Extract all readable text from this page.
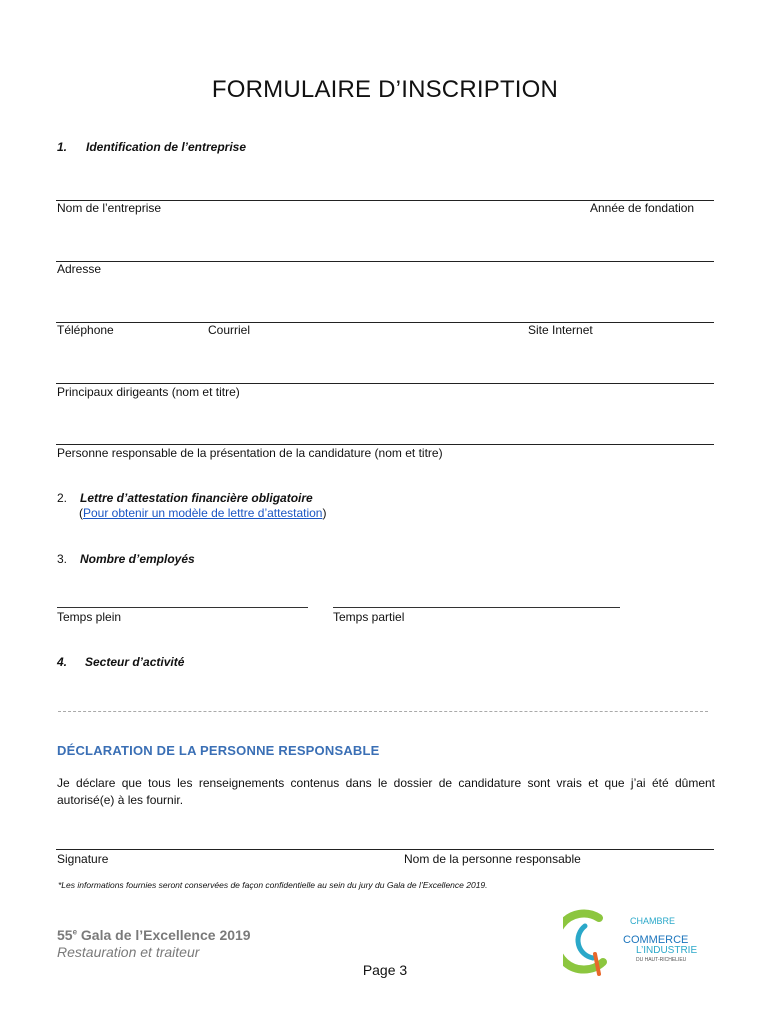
FORMULAIRE D’INSCRIPTION
1. Identification de l’entreprise
Nom de l’entreprise	Année de fondation
Adresse
Téléphone	Courriel	Site Internet
Principaux dirigeants (nom et titre)
Personne responsable de la présentation de la candidature (nom et titre)
2. Lettre d’attestation financière obligatoire
(Pour obtenir un modèle de lettre d’attestation)
3. Nombre d’employés
Temps plein	Temps partiel
4. Secteur d’activité
DÉCLARATION DE LA PERSONNE RESPONSABLE
Je déclare que tous les renseignements contenus dans le dossier de candidature sont vrais et que j’ai été dûment autorisé(e) à les fournir.
Signature	Nom de la personne responsable
*Les informations fournies seront conservées de façon confidentielle au sein du jury du Gala de l’Excellence 2019.
55e Gala de l’Excellence 2019
Restauration et traiteur
Page 3
CHAMBRE
COMMERCE
L’INDUSTRIE
DU HAUT-RICHELIEU
